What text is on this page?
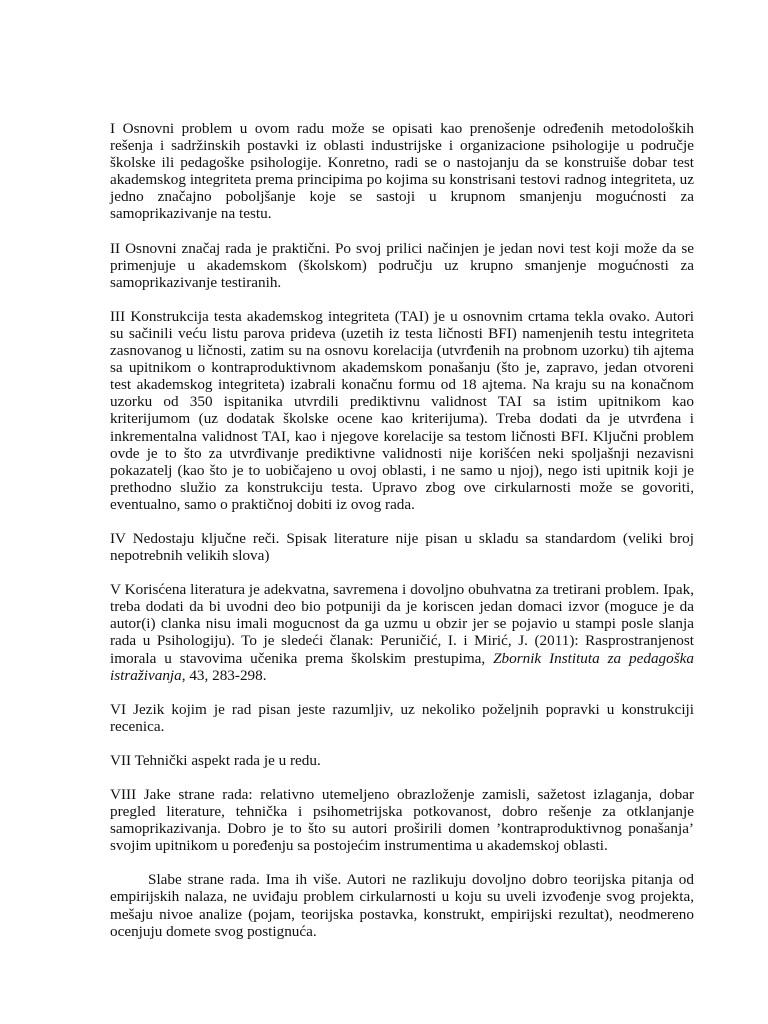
I Osnovni problem u ovom radu može se opisati kao prenošenje određenih metodoloških rešenja i sadržinskih postavki iz oblasti industrijske i organizacione psihologije u područje školske ili pedagoške psihologije. Konretno, radi se o nastojanju da se konstruiše dobar test akademskog integriteta prema principima po kojima su konstrisani testovi radnog integriteta, uz jedno značajno poboljšanje koje se sastoji u krupnom smanjenju mogućnosti za samoprikazivanje na testu.

II Osnovni značaj rada je praktični. Po svoj prilici načinjen je jedan novi test koji može da se primenjuje u akademskom (školskom) području uz krupno smanjenje mogućnosti za samoprikazivanje testiranih.

III Konstrukcija testa akademskog integriteta (TAI) je u osnovnim crtama tekla ovako. Autori su sačinili veću listu parova prideva (uzetih iz testa ličnosti BFI) namenjenih testu integriteta zasnovanog u ličnosti, zatim su na osnovu korelacija (utvrđenih na probnom uzorku) tih ajtema sa upitnikom o kontraproduktivnom akademskom ponašanju (što je, zapravo, jedan otvoreni test akademskog integriteta) izabrali konačnu formu od 18 ajtema. Na kraju su na konačnom uzorku od 350 ispitanika utvrdili prediktivnu validnost TAI sa istim upitnikom kao kriterijumom (uz dodatak školske ocene kao kriterijuma). Treba dodati da je utvrđena i inkrementalna validnost TAI, kao i njegove korelacije sa testom ličnosti BFI. Ključni problem ovde je to što za utvrđivanje prediktivne validnosti nije korišćen neki spoljašnji nezavisni pokazatelj (kao što je to uobičajeno u ovoj oblasti, i ne samo u njoj), nego isti upitnik koji je prethodno služio za konstrukciju testa. Upravo zbog ove cirkularnosti može se govoriti, eventualno, samo o praktičnoj dobiti iz ovog rada.

IV Nedostaju ključne reči. Spisak literature nije pisan u skladu sa standardom (veliki broj nepotrebnih velikih slova)

V Korisćena literatura je adekvatna, savremena i dovoljno obuhvatna za tretirani problem. Ipak, treba dodati da bi uvodni deo bio potpuniji da je koriscen jedan domaci izvor (moguce je da autor(i) clanka nisu imali mogucnost da ga uzmu u obzir jer se pojavio u stampi posle slanja rada u Psihologiju). To je sledeći članak: Peruničić, I. i Mirić, J. (2011): Rasprostranjenost imorala u stavovima učenika prema školskim prestupima, Zbornik Instituta za pedagoška istraživanja, 43, 283-298.

VI Jezik kojim je rad pisan jeste razumljiv, uz nekoliko poželjnih popravki u konstrukciji recenica.

VII Tehnički aspekt rada je u redu.

VIII Jake strane rada: relativno utemeljeno obrazloženje zamisli, sažetost izlaganja, dobar pregled literature, tehnička i psihometrijska potkovanost, dobro rešenje za otklanjanje samoprikazivanja. Dobro je to što su autori proširili domen ’kontraproduktivnog ponašanja’ svojim upitnikom u poređenju sa postojećim instrumentima u akademskoj oblasti.

Slabe strane rada. Ima ih više. Autori ne razlikuju dovoljno dobro teorijska pitanja od empirijskih nalaza, ne uviđaju problem cirkularnosti u koju su uveli izvođenje svog projekta, mešaju nivoe analize (pojam, teorijska postavka, konstrukt, empirijski rezultat), neodmereno ocenjuju domete svog postignuća.
